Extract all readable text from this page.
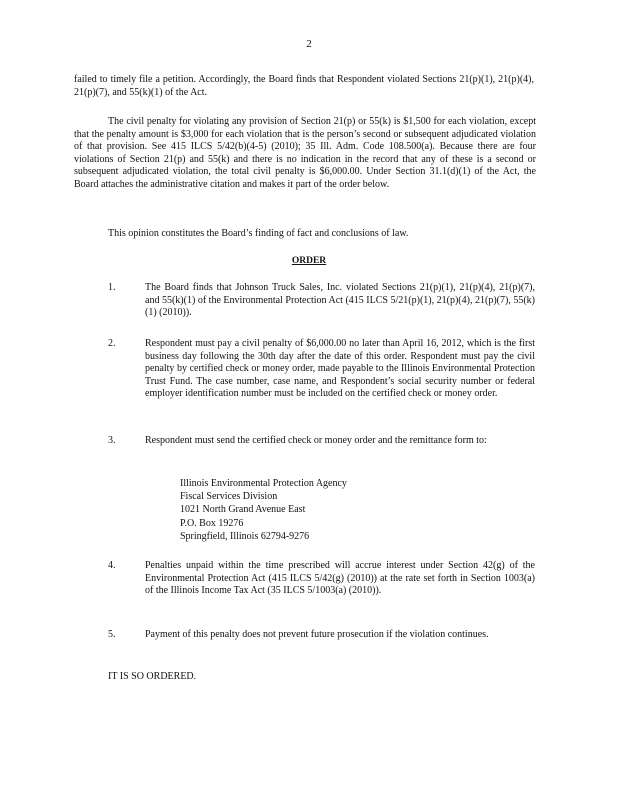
2
failed to timely file a petition. Accordingly, the Board finds that Respondent violated Sections 21(p)(1), 21(p)(4), 21(p)(7), and 55(k)(1) of the Act.
The civil penalty for violating any provision of Section 21(p) or 55(k) is $1,500 for each violation, except that the penalty amount is $3,000 for each violation that is the person’s second or subsequent adjudicated violation of that provision. See 415 ILCS 5/42(b)(4-5) (2010); 35 Ill. Adm. Code 108.500(a). Because there are four violations of Section 21(p) and 55(k) and there is no indication in the record that any of these is a second or subsequent adjudicated violation, the total civil penalty is $6,000.00. Under Section 31.1(d)(1) of the Act, the Board attaches the administrative citation and makes it part of the order below.
This opinion constitutes the Board’s finding of fact and conclusions of law.
ORDER
1.	The Board finds that Johnson Truck Sales, Inc. violated Sections 21(p)(1), 21(p)(4), 21(p)(7), and 55(k)(1) of the Environmental Protection Act (415 ILCS 5/21(p)(1), 21(p)(4), 21(p)(7), 55(k)(1) (2010)).
2.	Respondent must pay a civil penalty of $6,000.00 no later than April 16, 2012, which is the first business day following the 30th day after the date of this order. Respondent must pay the civil penalty by certified check or money order, made payable to the Illinois Environmental Protection Trust Fund. The case number, case name, and Respondent’s social security number or federal employer identification number must be included on the certified check or money order.
3.	Respondent must send the certified check or money order and the remittance form to:
Illinois Environmental Protection Agency
Fiscal Services Division
1021 North Grand Avenue East
P.O. Box 19276
Springfield, Illinois 62794-9276
4.	Penalties unpaid within the time prescribed will accrue interest under Section 42(g) of the Environmental Protection Act (415 ILCS 5/42(g) (2010)) at the rate set forth in Section 1003(a) of the Illinois Income Tax Act (35 ILCS 5/1003(a) (2010)).
5.	Payment of this penalty does not prevent future prosecution if the violation continues.
IT IS SO ORDERED.
